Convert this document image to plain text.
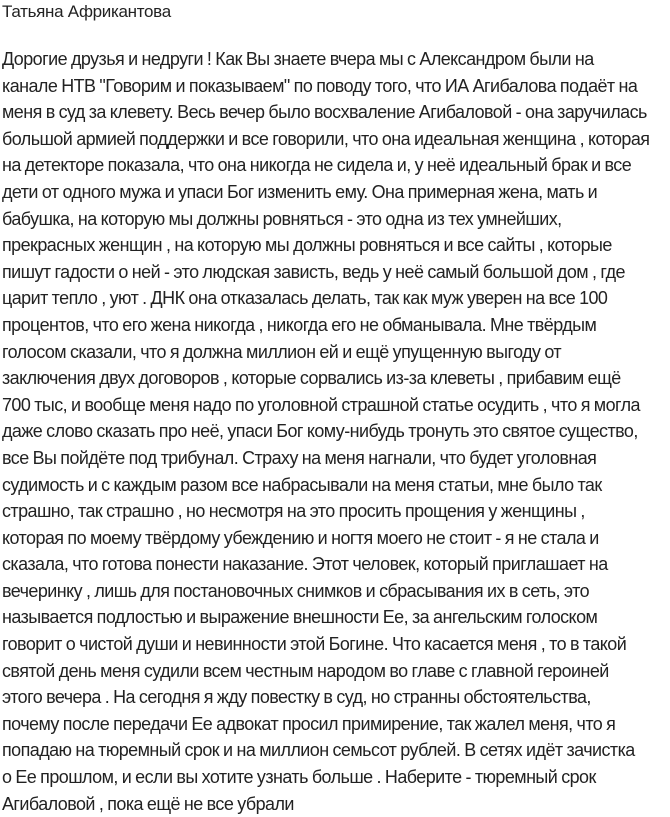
Татьяна Африкантова
Дорогие друзья и недруги ! Как Вы знаете вчера мы с Александром были на
канале НТВ "Говорим и показываем" по поводу того, что ИА Агибалова подаёт на
меня в суд за клевету. Весь вечер было восхваление Агибаловой - она заручилась
большой армией поддержки и все говорили, что она идеальная женщина , которая
на детекторе показала, что она никогда не сидела и, у неё идеальный брак и все
дети от одного мужа и упаси Бог изменить ему. Она примерная жена, мать и
бабушка, на которую мы должны ровняться - это одна из тех умнейших,
прекрасных женщин , на которую мы должны ровняться и все сайты , которые
пишут гадости о ней - это людская зависть, ведь у неё самый большой дом , где
царит тепло , уют . ДНК она отказалась делать, так как муж уверен на все 100
процентов, что его жена никогда , никогда его не обманывала. Мне твёрдым
голосом сказали, что я должна миллион ей и ещё упущенную выгоду от
заключения двух договоров , которые сорвались из-за клеветы , прибавим ещё
700 тыс, и вообще меня надо по уголовной страшной статье осудить , что я могла
даже слово сказать про неё, упаси Бог кому-нибудь тронуть это святое существо,
все Вы пойдёте под трибунал. Страху на меня нагнали, что будет уголовная
судимость и с каждым разом все набрасывали на меня статьи, мне было так
страшно, так страшно , но несмотря на это просить прощения у женщины ,
которая по моему твёрдому убеждению и ногтя моего не стоит - я не стала и
сказала, что готова понести наказание. Этот человек, который приглашает на
вечеринку , лишь для постановочных снимков и сбрасывания их в сеть, это
называется подлостью и выражение внешности Ее, за ангельским голоском
говорит о чистой души и невинности этой Богине. Что касается меня , то в такой
святой день меня судили всем честным народом во главе с главной героиней
этого вечера . На сегодня я жду повестку в суд, но странны обстоятельства,
почему после передачи Ее адвокат просил примирение, так жалел меня, что я
попадаю на тюремный срок и на миллион семьсот рублей. В сетях идёт зачистка
о Ее прошлом, и если вы хотите узнать больше . Наберите - тюремный срок
Агибаловой , пока ещё не все убрали
